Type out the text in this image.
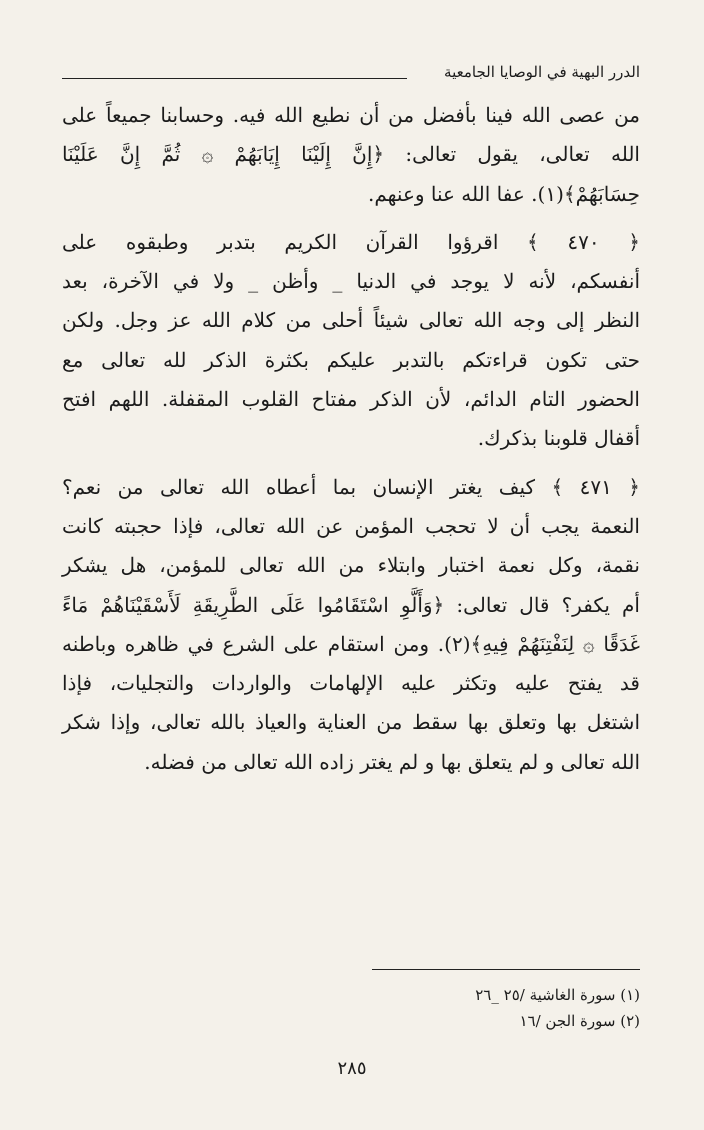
الدرر البهية في الوصايا الجامعية

من عصى الله فينا بأفضل من أن نطيع الله فيه. وحسابنا جميعاً على
الله تعالى، يقول تعالى: ﴿إِنَّ إِلَيْنَا إِيَابَهُمْ ۞ ثُمَّ إِنَّ عَلَيْنَا
حِسَابَهُمْ﴾(١). عفا الله عنا وعنهم.

﴿ ٤٧٠ ﴾ اقرؤوا القرآن الكريم بتدبر وطبقوه على
أنفسكم، لأنه لا يوجد في الدنيا _ وأظن _ ولا في الآخرة، بعد
النظر إلى وجه الله تعالى شيئاً أحلى من كلام الله عز وجل. ولكن
حتى تكون قراءتكم بالتدبر عليكم بكثرة الذكر لله تعالى مع
الحضور التام الدائم، لأن الذكر مفتاح القلوب المقفلة. اللهم افتح
أقفال قلوبنا بذكرك.

﴿ ٤٧١ ﴾ كيف يغتر الإنسان بما أعطاه الله تعالى من نعم؟
النعمة يجب أن لا تحجب المؤمن عن الله تعالى، فإذا حجبته كانت
نقمة، وكل نعمة اختبار وابتلاء من الله تعالى للمؤمن، هل يشكر
أم يكفر؟ قال تعالى: ﴿وَأَلَّوِ اسْتَقَامُوا عَلَى الطَّرِيقَةِ لَأَسْقَيْنَاهُمْ مَاءً
غَدَقًا ۞ لِنَفْتِنَهُمْ فِيهِ﴾(٢). ومن استقام على الشرع في ظاهره وباطنه
قد يفتح عليه وتكثر عليه الإلهامات والواردات والتجليات، فإذا
اشتغل بها وتعلق بها سقط من العناية والعياذ بالله تعالى، وإذا شكر
الله تعالى و لم يتعلق بها و لم يغتر زاده الله تعالى من فضله.

(١) سورة الغاشية /٢٥ _٢٦
(٢) سورة الجن /١٦
٢٨٥
